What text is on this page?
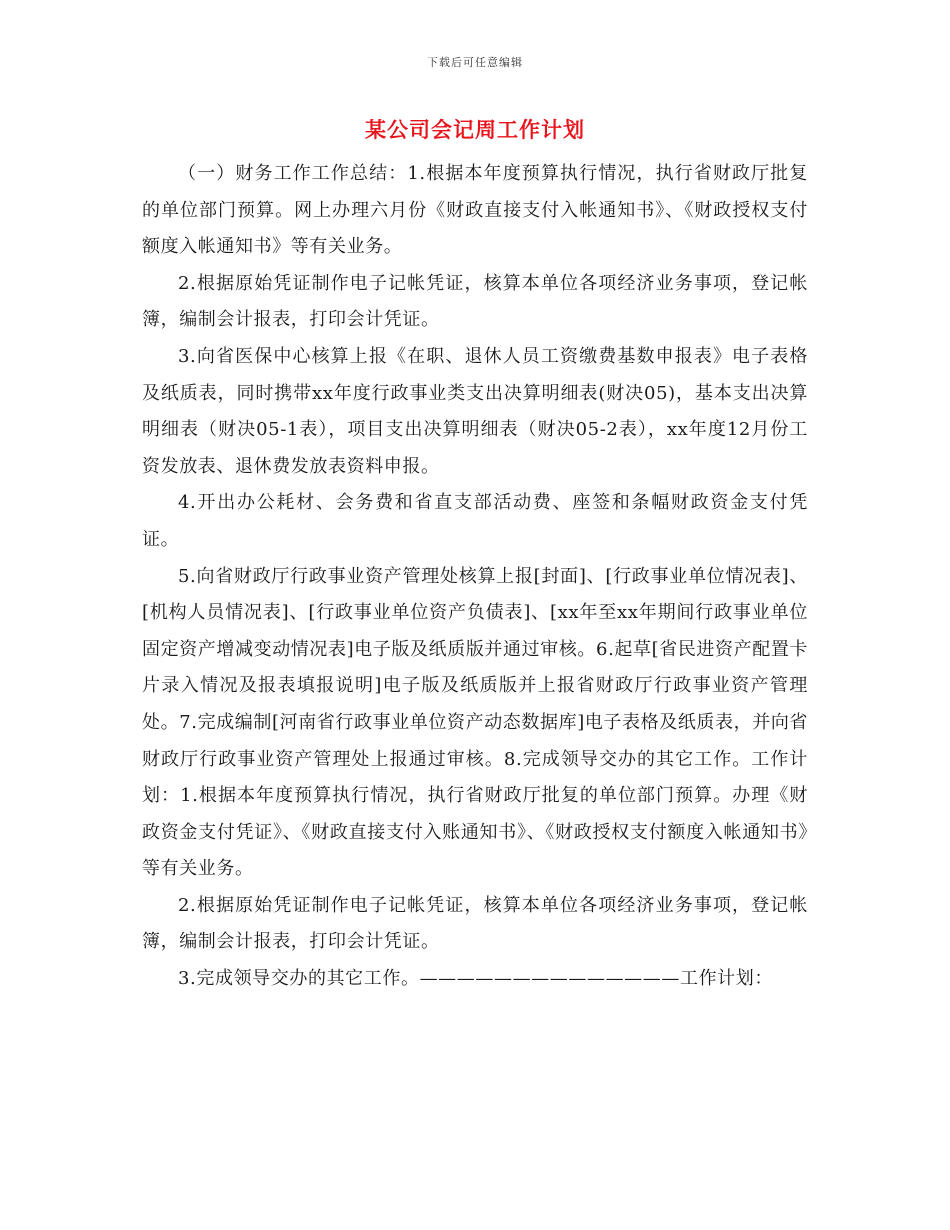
下载后可任意编辑
某公司会记周工作计划

（一）财务工作工作总结：1.根据本年度预算执行情况，执行省财政厅批复的单位部门预算。网上办理六月份《财政直接支付入帐通知书》、《财政授权支付额度入帐通知书》等有关业务。

2.根据原始凭证制作电子记帐凭证，核算本单位各项经济业务事项，登记帐簿，编制会计报表，打印会计凭证。

3.向省医保中心核算上报《在职、退休人员工资缴费基数申报表》电子表格及纸质表，同时携带xx年度行政事业类支出决算明细表(财决05)，基本支出决算明细表（财决05-1表），项目支出决算明细表（财决05-2表），xx年度12月份工资发放表、退休费发放表资料申报。

4.开出办公耗材、会务费和省直支部活动费、座签和条幅财政资金支付凭证。

5.向省财政厅行政事业资产管理处核算上报[封面]、[行政事业单位情况表]、[机构人员情况表]、[行政事业单位资产负债表]、[xx年至xx年期间行政事业单位固定资产增减变动情况表]电子版及纸质版并通过审核。6.起草[省民进资产配置卡片录入情况及报表填报说明]电子版及纸质版并上报省财政厅行政事业资产管理处。7.完成编制[河南省行政事业单位资产动态数据库]电子表格及纸质表，并向省财政厅行政事业资产管理处上报通过审核。8.完成领导交办的其它工作。工作计划：1.根据本年度预算执行情况，执行省财政厅批复的单位部门预算。办理《财政资金支付凭证》、《财政直接支付入账通知书》、《财政授权支付额度入帐通知书》等有关业务。

2.根据原始凭证制作电子记帐凭证，核算本单位各项经济业务事项，登记帐簿，编制会计报表，打印会计凭证。

3.完成领导交办的其它工作。——————————————工作计划：
